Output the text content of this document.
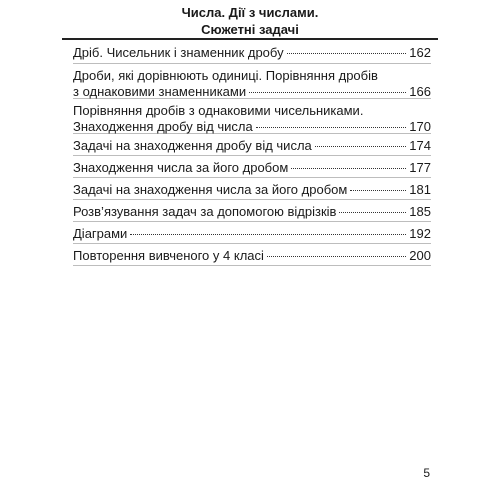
Числа. Дії з числами.
Сюжетні задачі
Дріб. Чисельник і знаменник дробу	162
Дроби, які дорівнюють одиниці. Порівняння дробів
з однаковими знаменниками	166
Порівняння дробів з однаковими чисельниками.
Знаходження дробу від числа	170
Задачі на знаходження дробу від числа	174
Знаходження числа за його дробом	177
Задачі на знаходження числа за його дробом	181
Розв’язування задач за допомогою відрізків	185
Діаграми	192
Повторення вивченого у 4 класі	200
5
